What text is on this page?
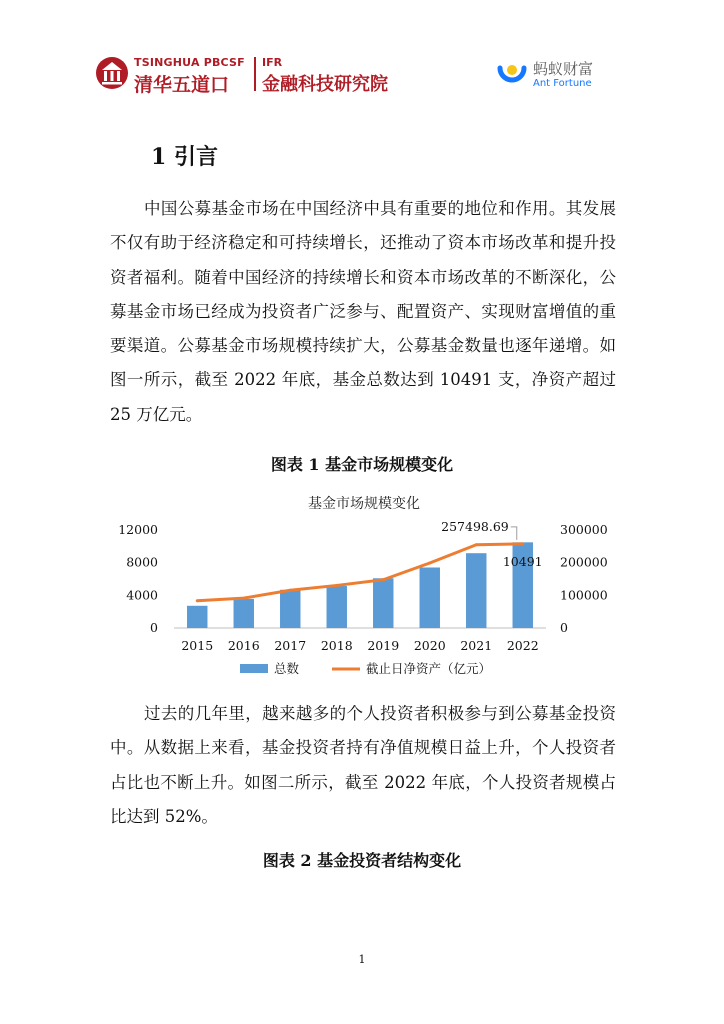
TSINGHUA PBCSF
清华五道口
IFR
金融科技研究院
蚂蚁财富
Ant Fortune
1 引言

中国公募基金市场在中国经济中具有重要的地位和作用。其发展不仅有助于经济稳定和可持续增长，还推动了资本市场改革和提升投资者福利。随着中国经济的持续增长和资本市场改革的不断深化，公募基金市场已经成为投资者广泛参与、配置资产、实现财富增值的重要渠道。公募基金市场规模持续扩大，公募基金数量也逐年递增。如图一所示，截至 2022 年底，基金总数达到 10491 支，净资产超过 25 万亿元。

图表 1 基金市场规模变化
基金市场规模变化
0
4000
8000
12000
0
100000
200000
300000
2015 2016 2017 2018 2019 2020 2021 2022
257498.69
10491
总数	截止日净资产（亿元）

过去的几年里，越来越多的个人投资者积极参与到公募基金投资中。从数据上来看，基金投资者持有净值规模日益上升，个人投资者占比也不断上升。如图二所示，截至 2022 年底，个人投资者规模占比达到 52%。

图表 2 基金投资者结构变化
1
